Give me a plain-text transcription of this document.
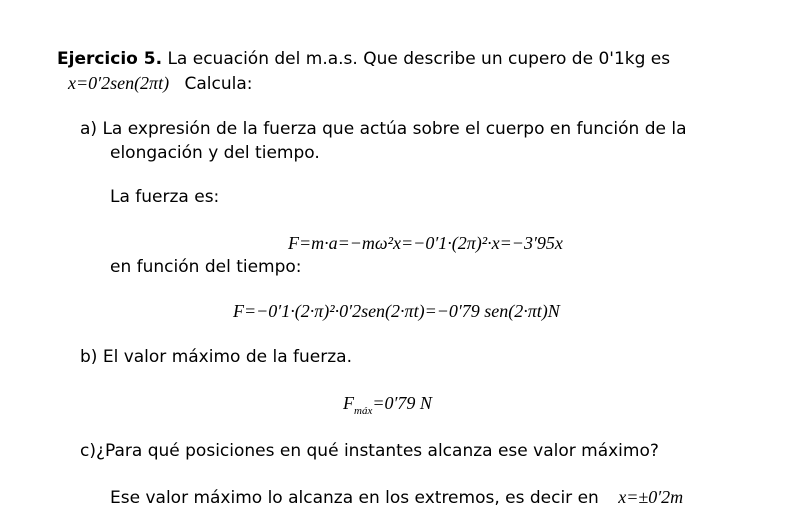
Ejercicio 5. La ecuación del m.a.s. Que describe un cupero de 0'1kg es
x=0′2sen(2πt) Calcula:
a) La expresión de la fuerza que actúa sobre el cuerpo en función de la
elongación y del tiempo.
La fuerza es:
F=m·a=−mω²x=−0′1·(2π)²·x=−3′95x
en función del tiempo:
F=−0′1·(2·π)²·0′2sen(2·πt)=−0′79 sen(2·πt)N
b) El valor máximo de la fuerza.
$F_{máx}=0'79$ N
c)¿Para qué posiciones en qué instantes alcanza ese valor máximo?
Ese valor máximo lo alcanza en los extremos, es decir en x=±0′2m
